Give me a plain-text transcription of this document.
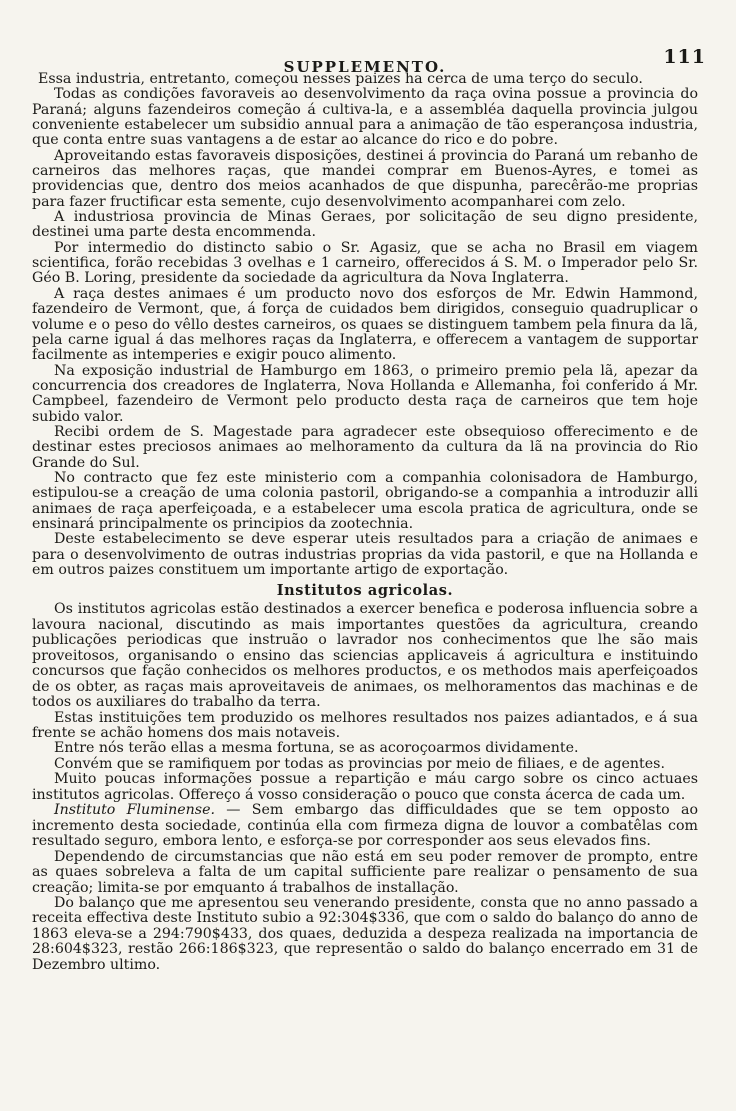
SUPPLEMENTO.	111

Essa industria, entretanto, começou nesses paizes ha cerca de uma terço do seculo.

Todas as condições favoraveis ao desenvolvimento da raça ovina possue a provincia do Paraná; alguns fazendeiros começão á cultiva-la, e a assembléa daquella provincia julgou conveniente estabelecer um subsidio annual para a animação de tão esperançosa industria, que conta entre suas vantagens a de estar ao alcance do rico e do pobre.

Aproveitando estas favoraveis disposições, destinei á provincia do Paraná um rebanho de carneiros das melhores raças, que mandei comprar em Buenos-Ayres, e tomei as providencias que, dentro dos meios acanhados de que dispunha, parecêrão-me proprias para fazer fructificar esta semente, cujo desenvolvimento acompanharei com zelo.

A industriosa provincia de Minas Geraes, por solicitação de seu digno presidente, destinei uma parte desta encommenda.

Por intermedio do distincto sabio o Sr. Agasiz, que se acha no Brasil em viagem scientifica, forão recebidas 3 ovelhas e 1 carneiro, offerecidos á S. M. o Imperador pelo Sr. Géo B. Loring, presidente da sociedade da agricultura da Nova Inglaterra.

A raça destes animaes é um producto novo dos esforços de Mr. Edwin Hammond, fazendeiro de Vermont, que, á força de cuidados bem dirigidos, conseguio quadruplicar o volume e o peso do vêllo destes carneiros, os quaes se distinguem tambem pela finura da lã, pela carne igual á das melhores raças da Inglaterra, e offerecem a vantagem de supportar facilmente as intemperies e exigir pouco alimento.

Na exposição industrial de Hamburgo em 1863, o primeiro premio pela lã, apezar da concurrencia dos creadores de Inglaterra, Nova Hollanda e Allemanha, foi conferido á Mr. Campbeel, fazendeiro de Vermont pelo producto desta raça de carneiros que tem hoje subido valor.

Recibi ordem de S. Magestade para agradecer este obsequioso offerecimento e de destinar estes preciosos animaes ao melhoramento da cultura da lã na provincia do Rio Grande do Sul.

No contracto que fez este ministerio com a companhia colonisadora de Hamburgo, estipulou-se a creação de uma colonia pastoril, obrigando-se a companhia a introduzir alli animaes de raça aperfeiçoada, e a estabelecer uma escola pratica de agricultura, onde se ensinará principalmente os principios da zootechnia.

Deste estabelecimento se deve esperar uteis resultados para a criação de animaes e para o desenvolvimento de outras industrias proprias da vida pastoril, e que na Hollanda e em outros paizes constituem um importante artigo de exportação.

Institutos agricolas.

Os institutos agricolas estão destinados a exercer benefica e poderosa influencia sobre a lavoura nacional, discutindo as mais importantes questões da agricultura, creando publicações periodicas que instruão o lavrador nos conhecimentos que lhe são mais proveitosos, organisando o ensino das sciencias applicaveis á agricultura e instituindo concursos que fação conhecidos os melhores productos, e os methodos mais aperfeiçoados de os obter, as raças mais aproveitaveis de animaes, os melhoramentos das machinas e de todos os auxiliares do trabalho da terra.

Estas instituições tem produzido os melhores resultados nos paizes adiantados, e á sua frente se achão homens dos mais notaveis.

Entre nós terão ellas a mesma fortuna, se as acoroçoarmos dividamente.

Convém que se ramifiquem por todas as provincias por meio de filiaes, e de agentes.

Muito poucas informações possue a repartição e máu cargo sobre os cinco actuaes institutos agricolas. Offereço á vosso consideração o pouco que consta ácerca de cada um.

Instituto Fluminense. — Sem embargo das difficuldades que se tem opposto ao incremento desta sociedade, continúa ella com firmeza digna de louvor a combatêlas com resultado seguro, embora lento, e esforça-se por corresponder aos seus elevados fins.

Dependendo de circumstancias que não está em seu poder remover de prompto, entre as quaes sobreleva a falta de um capital sufficiente pare realizar o pensamento de sua creação; limita-se por emquanto á trabalhos de installação.

Do balanço que me apresentou seu venerando presidente, consta que no anno passado a receita effectiva deste Instituto subio a 92:304$336, que com o saldo do balanço do anno de 1863 eleva-se a 294:790$433, dos quaes, deduzida a despeza realizada na importancia de 28:604$323, restão 266:186$323, que representão o saldo do balanço encerrado em 31 de Dezembro ultimo.
